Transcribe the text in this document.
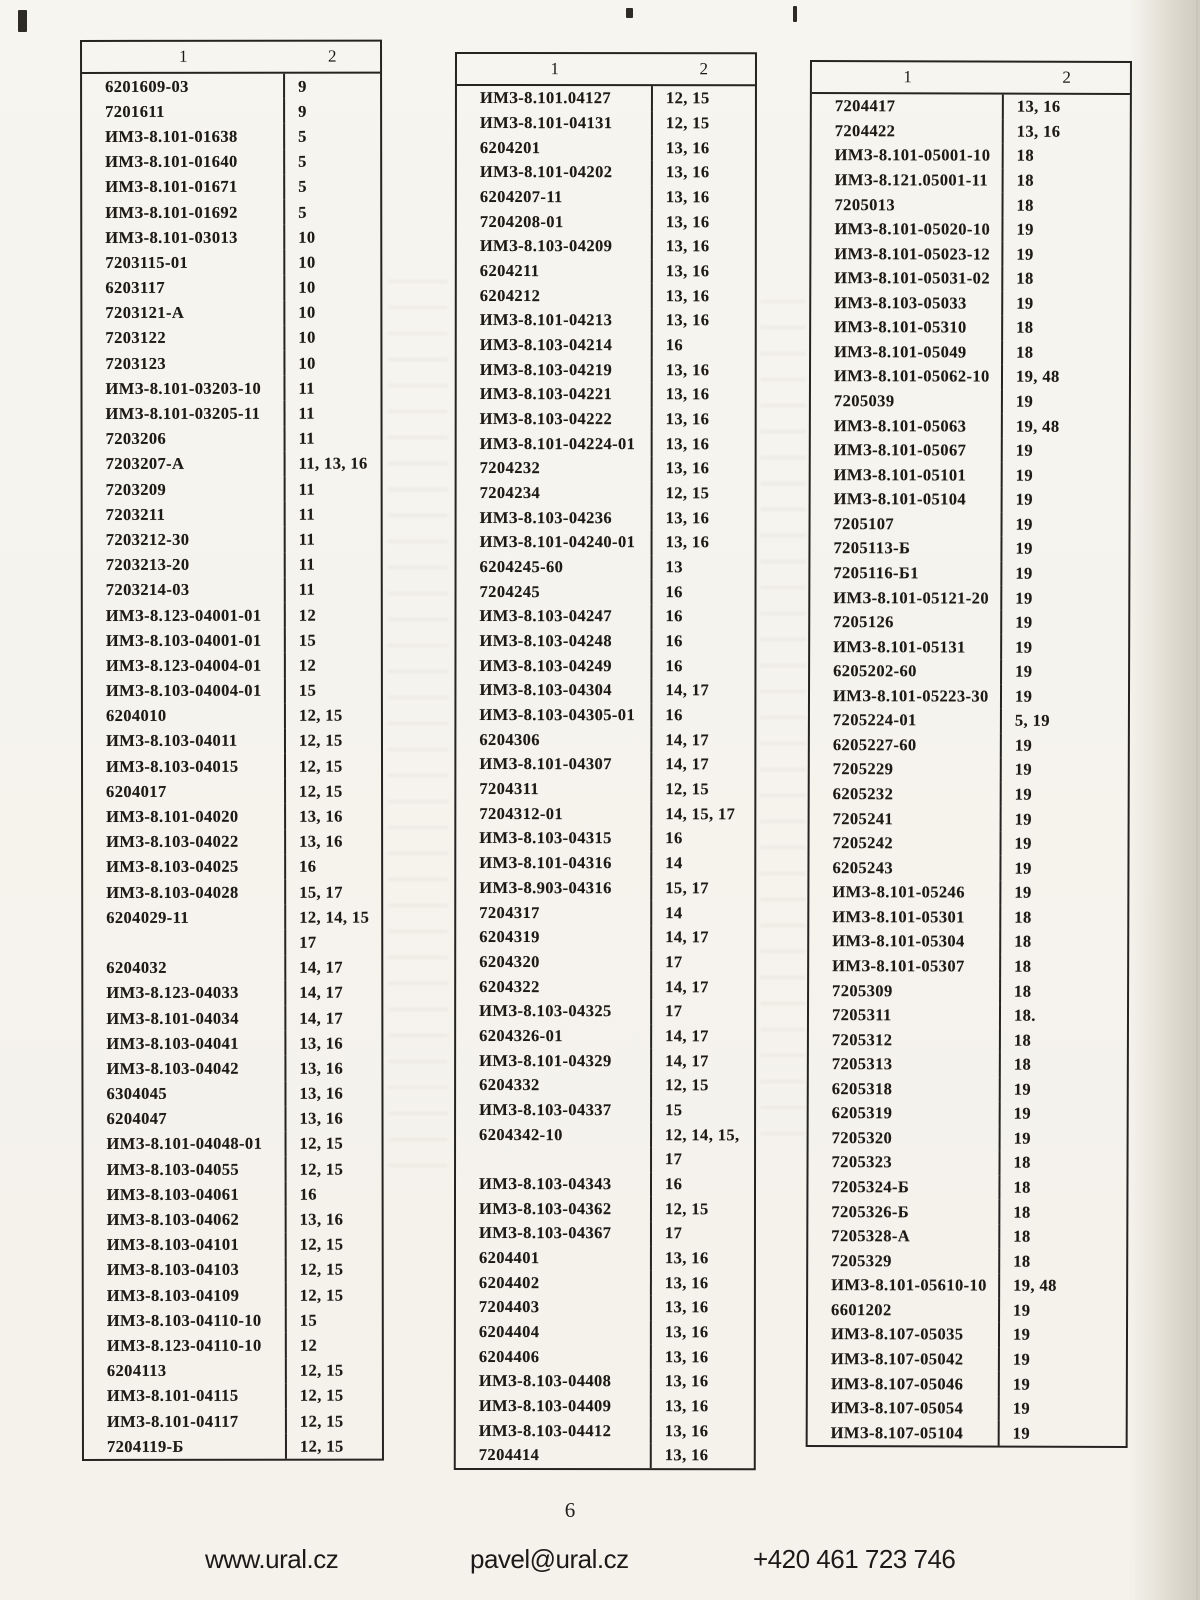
1	2
6201609-03	9
7201611	9
ИМЗ-8.101-01638	5
ИМЗ-8.101-01640	5
ИМЗ-8.101-01671	5
ИМЗ-8.101-01692	5
ИМЗ-8.101-03013	10
7203115-01	10
6203117	10
7203121-А	10
7203122	10
7203123	10
ИМЗ-8.101-03203-10	11
ИМЗ-8.101-03205-11	11
7203206	11
7203207-А	11, 13, 16
7203209	11
7203211	11
7203212-30	11
7203213-20	11
7203214-03	11
ИМЗ-8.123-04001-01	12
ИМЗ-8.103-04001-01	15
ИМЗ-8.123-04004-01	12
ИМЗ-8.103-04004-01	15
6204010	12, 15
ИМЗ-8.103-04011	12, 15
ИМЗ-8.103-04015	12, 15
6204017	12, 15
ИМЗ-8.101-04020	13, 16
ИМЗ-8.103-04022	13, 16
ИМЗ-8.103-04025	16
ИМЗ-8.103-04028	15, 17
6204029-11	12, 14, 15
17
6204032	14, 17
ИМЗ-8.123-04033	14, 17
ИМЗ-8.101-04034	14, 17
ИМЗ-8.103-04041	13, 16
ИМЗ-8.103-04042	13, 16
6304045	13, 16
6204047	13, 16
ИМЗ-8.101-04048-01	12, 15
ИМЗ-8.103-04055	12, 15
ИМЗ-8.103-04061	16
ИМЗ-8.103-04062	13, 16
ИМЗ-8.103-04101	12, 15
ИМЗ-8.103-04103	12, 15
ИМЗ-8.103-04109	12, 15
ИМЗ-8.103-04110-10	15
ИМЗ-8.123-04110-10	12
6204113	12, 15
ИМЗ-8.101-04115	12, 15
ИМЗ-8.101-04117	12, 15
7204119-Б	12, 15
1	2
ИМЗ-8.101.04127	12, 15
ИМЗ-8.101-04131	12, 15
6204201	13, 16
ИМЗ-8.101-04202	13, 16
6204207-11	13, 16
7204208-01	13, 16
ИМЗ-8.103-04209	13, 16
6204211	13, 16
6204212	13, 16
ИМЗ-8.101-04213	13, 16
ИМЗ-8.103-04214	16
ИМЗ-8.103-04219	13, 16
ИМЗ-8.103-04221	13, 16
ИМЗ-8.103-04222	13, 16
ИМЗ-8.101-04224-01	13, 16
7204232	13, 16
7204234	12, 15
ИМЗ-8.103-04236	13, 16
ИМЗ-8.101-04240-01	13, 16
6204245-60	13
7204245	16
ИМЗ-8.103-04247	16
ИМЗ-8.103-04248	16
ИМЗ-8.103-04249	16
ИМЗ-8.103-04304	14, 17
ИМЗ-8.103-04305-01	16
6204306	14, 17
ИМЗ-8.101-04307	14, 17
7204311	12, 15
7204312-01	14, 15, 17
ИМЗ-8.103-04315	16
ИМЗ-8.101-04316	14
ИМЗ-8.903-04316	15, 17
7204317	14
6204319	14, 17
6204320	17
6204322	14, 17
ИМЗ-8.103-04325	17
6204326-01	14, 17
ИМЗ-8.101-04329	14, 17
6204332	12, 15
ИМЗ-8.103-04337	15
6204342-10	12, 14, 15,
17
ИМЗ-8.103-04343	16
ИМЗ-8.103-04362	12, 15
ИМЗ-8.103-04367	17
6204401	13, 16
6204402	13, 16
7204403	13, 16
6204404	13, 16
6204406	13, 16
ИМЗ-8.103-04408	13, 16
ИМЗ-8.103-04409	13, 16
ИМЗ-8.103-04412	13, 16
7204414	13, 16
1	2
7204417	13, 16
7204422	13, 16
ИМЗ-8.101-05001-10	18
ИМЗ-8.121.05001-11	18
7205013	18
ИМЗ-8.101-05020-10	19
ИМЗ-8.101-05023-12	19
ИМЗ-8.101-05031-02	18
ИМЗ-8.103-05033	19
ИМЗ-8.101-05310	18
ИМЗ-8.101-05049	18
ИМЗ-8.101-05062-10	19, 48
7205039	19
ИМЗ-8.101-05063	19, 48
ИМЗ-8.101-05067	19
ИМЗ-8.101-05101	19
ИМЗ-8.101-05104	19
7205107	19
7205113-Б	19
7205116-Б1	19
ИМЗ-8.101-05121-20	19
7205126	19
ИМЗ-8.101-05131	19
6205202-60	19
ИМЗ-8.101-05223-30	19
7205224-01	5, 19
6205227-60	19
7205229	19
6205232	19
7205241	19
7205242	19
6205243	19
ИМЗ-8.101-05246	19
ИМЗ-8.101-05301	18
ИМЗ-8.101-05304	18
ИМЗ-8.101-05307	18
7205309	18
7205311	18.
7205312	18
7205313	18
6205318	19
6205319	19
7205320	19
7205323	18
7205324-Б	18
7205326-Б	18
7205328-А	18
7205329	18
ИМЗ-8.101-05610-10	19, 48
6601202	19
ИМЗ-8.107-05035	19
ИМЗ-8.107-05042	19
ИМЗ-8.107-05046	19
ИМЗ-8.107-05054	19
ИМЗ-8.107-05104	19
6
www.ural.cz	pavel@ural.cz	+420 461 723 746
